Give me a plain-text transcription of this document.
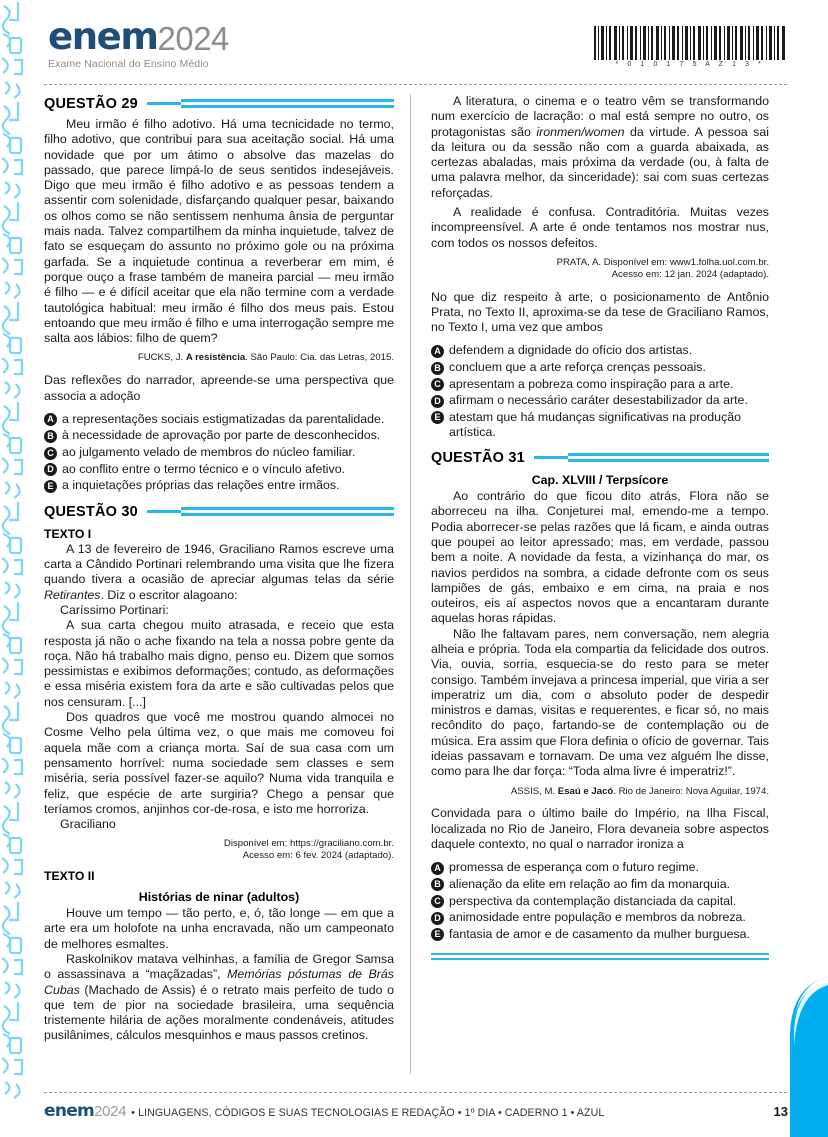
enem 2024
Exame Nacional do Ensino Médio	* 0 1 0 1 7 5 A Z 1 3 *
QUESTÃO 29

Meu irmão é filho adotivo. Há uma tecnicidade no termo, filho adotivo, que contribui para sua aceitação social. Há uma novidade que por um átimo o absolve das mazelas do passado, que parece limpá-lo de seus sentidos indesejáveis. Digo que meu irmão é filho adotivo e as pessoas tendem a assentir com solenidade, disfarçando qualquer pesar, baixando os olhos como se não sentissem nenhuma ânsia de perguntar mais nada. Talvez compartilhem da minha inquietude, talvez de fato se esqueçam do assunto no próximo gole ou na próxima garfada. Se a inquietude continua a reverberar em mim, é porque ouço a frase também de maneira parcial — meu irmão é filho — e é difícil aceitar que ela não termine com a verdade tautológica habitual: meu irmão é filho dos meus pais. Estou entoando que meu irmão é filho e uma interrogação sempre me salta aos lábios: filho de quem?

FUCKS, J. A resistência. São Paulo: Cia. das Letras, 2015.

Das reflexões do narrador, apreende-se uma perspectiva que associa a adoção

A a representações sociais estigmatizadas da parentalidade.
B à necessidade de aprovação por parte de desconhecidos.
C ao julgamento velado de membros do núcleo familiar.
D ao conflito entre o termo técnico e o vínculo afetivo.
E a inquietações próprias das relações entre irmãos.
QUESTÃO 30
TEXTO I

A 13 de fevereiro de 1946, Graciliano Ramos escreve uma carta a Cândido Portinari relembrando uma visita que lhe fizera quando tivera a ocasião de apreciar algumas telas da série Retirantes. Diz o escritor alagoano:

Caríssimo Portinari:

A sua carta chegou muito atrasada, e receio que esta resposta já não o ache fixando na tela a nossa pobre gente da roça. Não há trabalho mais digno, penso eu. Dizem que somos pessimistas e exibimos deformações; contudo, as deformações e essa miséria existem fora da arte e são cultivadas pelos que nos censuram. [...]

Dos quadros que você me mostrou quando almocei no Cosme Velho pela última vez, o que mais me comoveu foi aquela mãe com a criança morta. Saí de sua casa com um pensamento horrível: numa sociedade sem classes e sem miséria, seria possível fazer-se aquilo? Numa vida tranquila e feliz, que espécie de arte surgiria? Chego a pensar que teríamos cromos, anjinhos cor-de-rosa, e isto me horroriza.

Graciliano

Disponível em: https://graciliano.com.br.
Acesso em: 6 fev. 2024 (adaptado).
TEXTO II
Histórias de ninar (adultos)

Houve um tempo — tão perto, e, ó, tão longe — em que a arte era um holofote na unha encravada, não um campeonato de melhores esmaltes.

Raskolnikov matava velhinhas, a família de Gregor Samsa o assassinava a “maçãzadas”, Memórias póstumas de Brás Cubas (Machado de Assis) é o retrato mais perfeito de tudo o que tem de pior na sociedade brasileira, uma sequência tristemente hilária de ações moralmente condenáveis, atitudes pusilânimes, cálculos mesquinhos e maus passos cretinos.

A literatura, o cinema e o teatro vêm se transformando num exercício de lacração: o mal está sempre no outro, os protagonistas são ironmen/women da virtude. A pessoa sai da leitura ou da sessão não com a guarda abaixada, as certezas abaladas, mais próxima da verdade (ou, à falta de uma palavra melhor, da sinceridade): sai com suas certezas reforçadas.

A realidade é confusa. Contraditória. Muitas vezes incompreensível. A arte é onde tentamos nos mostrar nus, com todos os nossos defeitos.

PRATA, A. Disponível em: www1.folha.uol.com.br.
Acesso em: 12 jan. 2024 (adaptado).

No que diz respeito à arte, o posicionamento de Antônio Prata, no Texto II, aproxima-se da tese de Graciliano Ramos, no Texto I, uma vez que ambos

A defendem a dignidade do ofício dos artistas.
B concluem que a arte reforça crenças pessoais.
C apresentam a pobreza como inspiração para a arte.
D afirmam o necessário caráter desestabilizador da arte.
E atestam que há mudanças significativas na produção artística.
QUESTÃO 31
Cap. XLVIII / Terpsícore

Ao contrário do que ficou dito atrás, Flora não se aborreceu na ilha. Conjeturei mal, emendo-me a tempo. Podia aborrecer-se pelas razões que lá ficam, e ainda outras que poupei ao leitor apressado; mas, em verdade, passou bem a noite. A novidade da festa, a vizinhança do mar, os navios perdidos na sombra, a cidade defronte com os seus lampiões de gás, embaixo e em cima, na praia e nos outeiros, eis aí aspectos novos que a encantaram durante aquelas horas rápidas.

Não lhe faltavam pares, nem conversação, nem alegria alheia e própria. Toda ela compartia da felicidade dos outros. Via, ouvia, sorria, esquecia-se do resto para se meter consigo. Também invejava a princesa imperial, que viria a ser imperatriz um dia, com o absoluto poder de despedir ministros e damas, visitas e requerentes, e ficar só, no mais recôndito do paço, fartando-se de contemplação ou de música. Era assim que Flora definia o ofício de governar. Tais ideias passavam e tornavam. De uma vez alguém lhe disse, como para lhe dar força: “Toda alma livre é imperatriz!”.

ASSIS, M. Esaú e Jacó. Rio de Janeiro: Nova Aguilar, 1974.

Convidada para o último baile do Império, na Ilha Fiscal, localizada no Rio de Janeiro, Flora devaneia sobre aspectos daquele contexto, no qual o narrador ironiza a

A promessa de esperança com o futuro regime.
B alienação da elite em relação ao fim da monarquia.
C perspectiva da contemplação distanciada da capital.
D animosidade entre população e membros da nobreza.
E fantasia de amor e de casamento da mulher burguesa.
enem 2024 • LINGUAGENS, CÓDIGOS E SUAS TECNOLOGIAS E REDAÇÃO • 1º DIA • CADERNO 1 • AZUL	13
